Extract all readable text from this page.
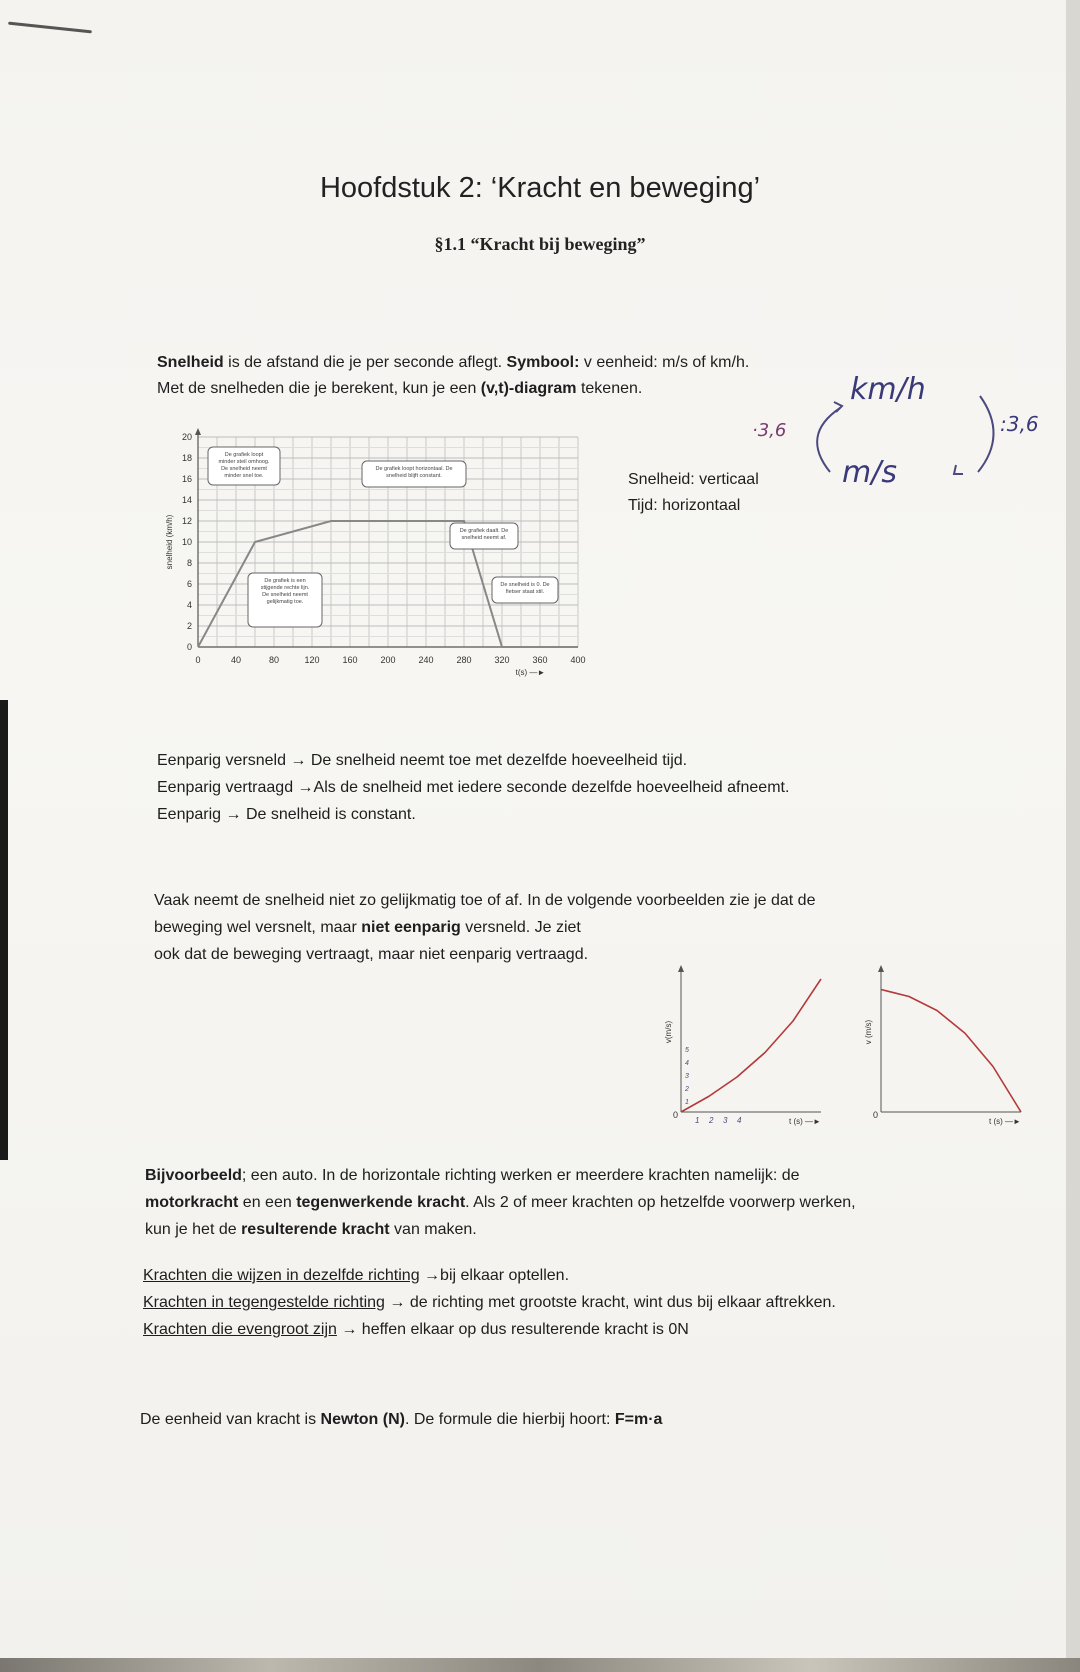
Hoofdstuk 2: ‘Kracht en beweging’
§1.1 “Kracht bij beweging”
Snelheid is de afstand die je per seconde aflegt. Symbool: v eenheid: m/s of km/h.
Met de snelheden die je berekent, kun je een (v,t)-diagram tekenen.	km/h
m/s
·3,6	:3,6
Snelheid: verticaal
Tijd: horizontaal
0	40	80	120	160	200	240	280	320	360	400
0
2
4
6
8
10
12
14
16
18
20
snelheid (km/h)
t(s) —►
De grafiek loopt minder steil omhoog. De snelheid neemt minder snel toe.
De grafiek loopt horizontaal. De snelheid blijft constant.
De grafiek daalt. De snelheid neemt af.
De grafiek is een stijgende rechte lijn. De snelheid neemt gelijkmatig toe.
De snelheid is 0. De fietser staat stil.
Eenparig versneld → De snelheid neemt toe met dezelfde hoeveelheid tijd.
Eenparig vertraagd →Als de snelheid met iedere seconde dezelfde hoeveelheid afneemt.
Eenparig → De snelheid is constant.
Vaak neemt de snelheid niet zo gelijkmatig toe of af. In de volgende voorbeelden zie je dat de
beweging wel versnelt, maar niet eenparig versneld. Je ziet
ook dat de beweging vertraagt, maar niet eenparig vertraagd.
v(m/s)
t (s) —►
0
1 2 3 4
1
2
3
4
5
v (m/s)
t (s) —►
0
Bijvoorbeeld; een auto. In de horizontale richting werken er meerdere krachten namelijk: de
motorkracht en een tegenwerkende kracht. Als 2 of meer krachten op hetzelfde voorwerp werken,
kun je het de resulterende kracht van maken.
Krachten die wijzen in dezelfde richting →bij elkaar optellen.
Krachten in tegengestelde richting → de richting met grootste kracht, wint dus bij elkaar aftrekken.
Krachten die evengroot zijn → heffen elkaar op dus resulterende kracht is 0N
De eenheid van kracht is Newton (N). De formule die hierbij hoort: F=m·a
